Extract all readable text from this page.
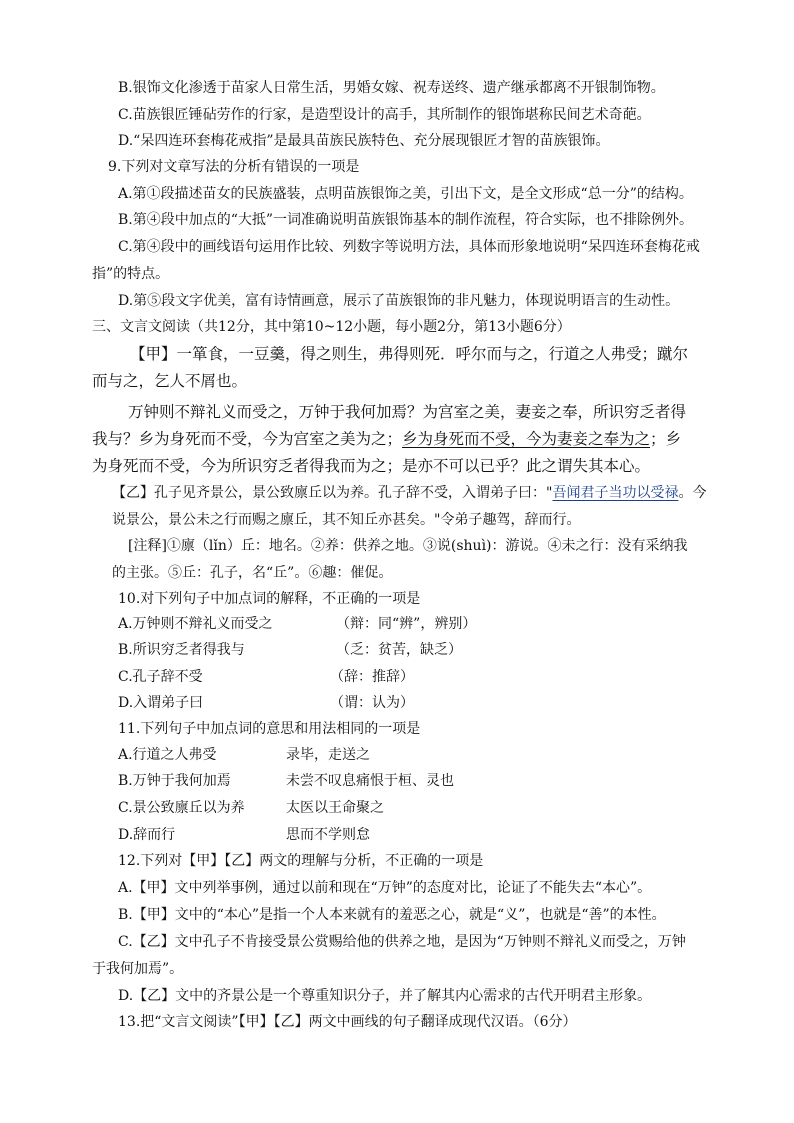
B.银饰文化渗透于苗家人日常生活，男婚女嫁、祝寿送终、遗产继承都离不开银制饰物。
C.苗族银匠锤砧劳作的行家，是造型设计的高手，其所制作的银饰堪称民间艺术奇葩。
D.“呆四连环套梅花戒指”是最具苗族民族特色、充分展现银匠才智的苗族银饰。
9.下列对文章写法的分析有错误的一项是
A.第①段描述苗女的民族盛装，点明苗族银饰之美，引出下文，是全文形成“总一分”的结构。
B.第④段中加点的“大抵”一词准确说明苗族银饰基本的制作流程，符合实际，也不排除例外。
C.第④段中的画线语句运用作比较、列数字等说明方法，具体而形象地说明“呆四连环套梅花戒
指”的特点。
D.第⑤段文字优美，富有诗情画意，展示了苗族银饰的非凡魅力，体现说明语言的生动性。
三、文言文阅读（共12分，其中第10~12小题，每小题2分，第13小题6分）
【甲】一箪食，一豆羹，得之则生，弗得则死．呼尔而与之，行道之人弗受；蹴尔
而与之，乞人不屑也。
万钟则不辩礼义而受之，万钟于我何加焉？为宫室之美，妻妾之奉，所识穷乏者得
我与？乡为身死而不受，今为宫室之美为之；乡为身死而不受，今为妻妾之奉为之；乡
为身死而不受，今为所识穷乏者得我而为之；是亦不可以已乎？此之谓失其本心。
【乙】孔子见齐景公，景公致廪丘以为养。孔子辞不受，入谓弟子曰："吾闻君子当功以受禄。今
说景公，景公未之行而赐之廪丘，其不知丘亦甚矣。"令弟子趣驾，辞而行。
[注释]①廪（lǐn）丘：地名。②养：供养之地。③说(shuì)：游说。④未之行：没有采纳我
的主张。⑤丘：孔子，名“丘”。⑥趣：催促。
10.对下列句子中加点词的解释，不正确的一项是
A.万钟则不辩礼义而受之	（辩：同“辨”，辨别）
B.所识穷乏者得我与	（乏：贫苦，缺乏）
C.孔子辞不受	（辞：推辞）
D.入谓弟子曰	（谓：认为）
11.下列句子中加点词的意思和用法相同的一项是
A.行道之人弗受	录毕，走送之
B.万钟于我何加焉	未尝不叹息痛恨于桓、灵也
C.景公致廪丘以为养	太医以王命聚之
D.辞而行	思而不学则怠
12.下列对【甲】【乙】两文的理解与分析，不正确的一项是
A.【甲】文中列举事例，通过以前和现在“万钟”的态度对比，论证了不能失去“本心”。
B.【甲】文中的“本心”是指一个人本来就有的羞恶之心，就是“义”，也就是“善”的本性。
C.【乙】文中孔子不肯接受景公赏赐给他的供养之地，是因为“万钟则不辩礼义而受之，万钟
于我何加焉”。
D.【乙】文中的齐景公是一个尊重知识分子，并了解其内心需求的古代开明君主形象。
13.把“文言文阅读”【甲】【乙】两文中画线的句子翻译成现代汉语。（6分）
